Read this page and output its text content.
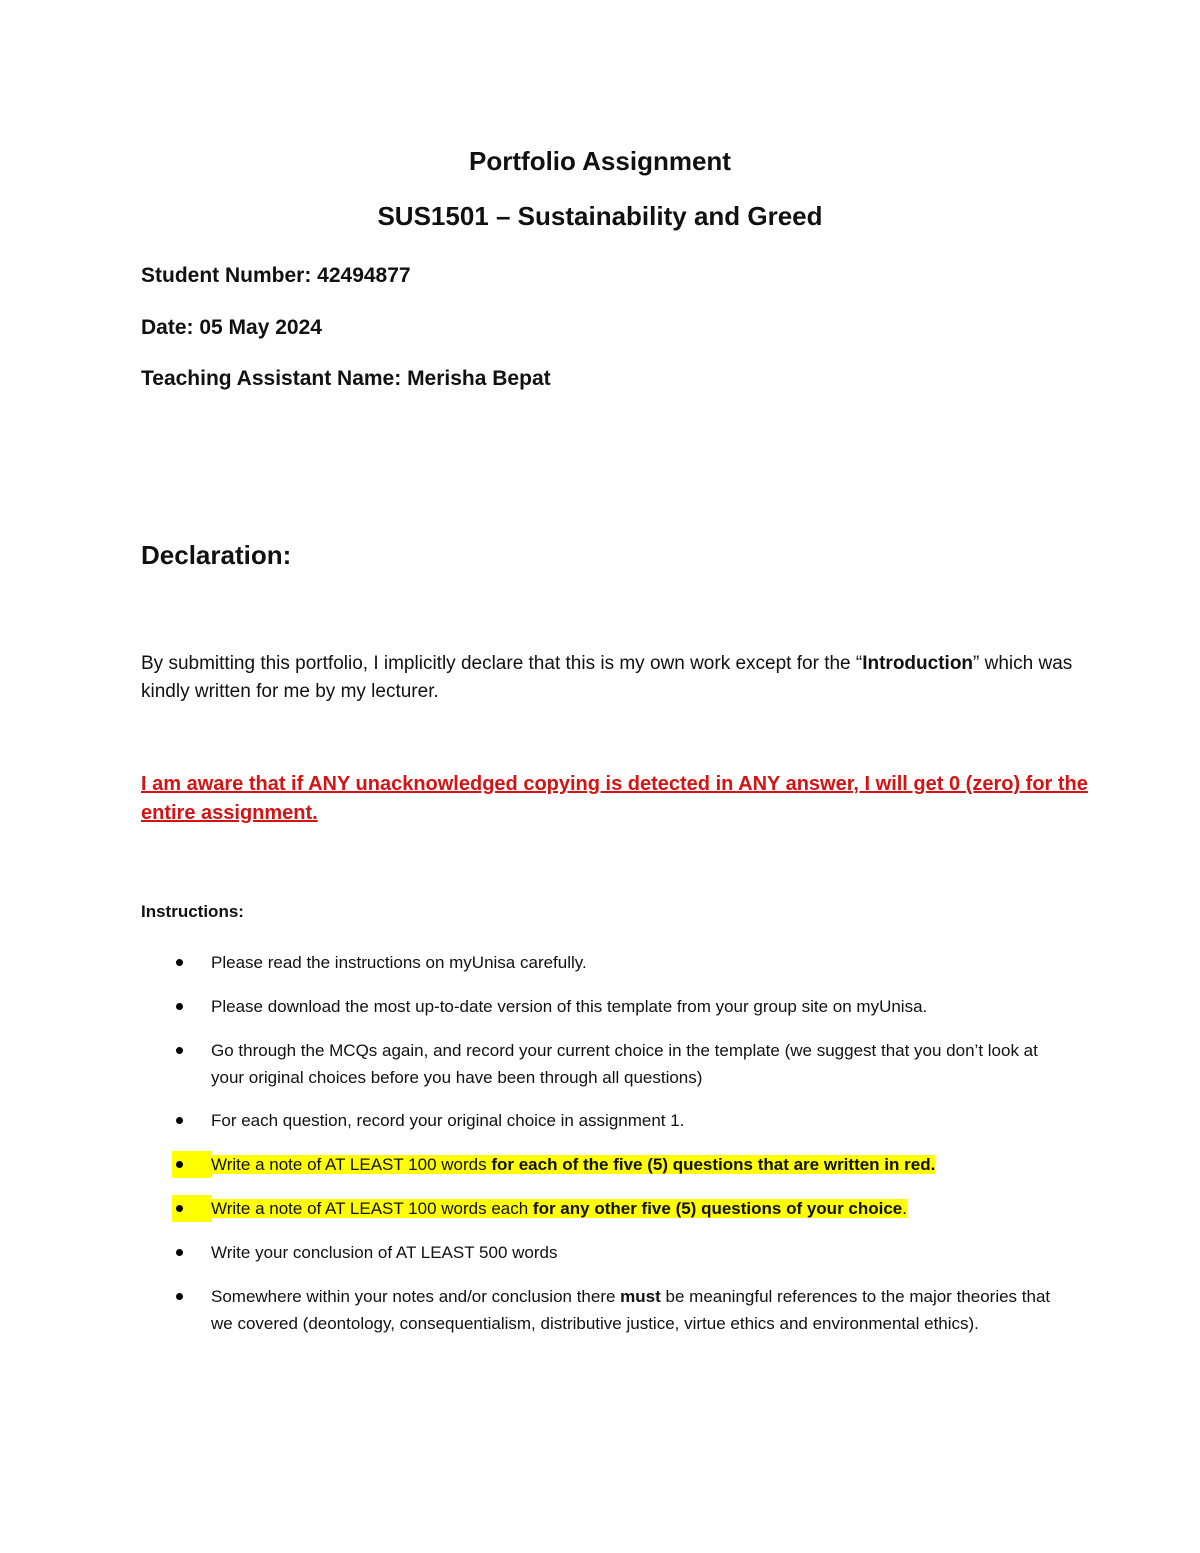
Portfolio Assignment
SUS1501 – Sustainability and Greed
Student Number: 42494877
Date: 05 May 2024
Teaching Assistant Name: Merisha Bepat
Declaration:
By submitting this portfolio, I implicitly declare that this is my own work except for the “Introduction” which was kindly written for me by my lecturer.
I am aware that if ANY unacknowledged copying is detected in ANY answer, I will get 0 (zero) for the entire assignment.
Instructions:
Please read the instructions on myUnisa carefully.
Please download the most up-to-date version of this template from your group site on myUnisa.
Go through the MCQs again, and record your current choice in the template (we suggest that you don’t look at your original choices before you have been through all questions)
For each question, record your original choice in assignment 1.
Write a note of AT LEAST 100 words for each of the five (5) questions that are written in red.
Write a note of AT LEAST 100 words each for any other five (5) questions of your choice.
Write your conclusion of AT LEAST 500 words
Somewhere within your notes and/or conclusion there must be meaningful references to the major theories that we covered (deontology, consequentialism, distributive justice, virtue ethics and environmental ethics).
